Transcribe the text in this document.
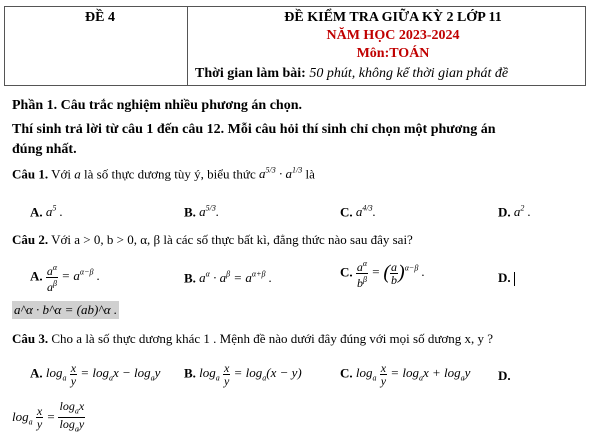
ĐỀ 4	ĐỀ KIỂM TRA GIỮA KỲ 2 LỚP 11
NĂM HỌC 2023-2024
Môn:TOÁN
Thời gian làm bài: 50 phút, không kể thời gian phát đề
Phần 1. Câu trắc nghiệm nhiều phương án chọn.
Thí sinh trả lời từ câu 1 đến câu 12. Mỗi câu hỏi thí sinh chỉ chọn một phương án
đúng nhất.
Câu 1. Với a là số thực dương tùy ý, biểu thức $a^{5/3} \cdot a^{1/3}$ là
A. $a^5$ .	B. $a^{5/3}$.	C. $a^{4/3}$.	D. $a^2$ .
Câu 2. Với a > 0, b > 0, α, β là các số thực bất kì, đẳng thức nào sau đây sai?
A. $\frac{a^\alpha}{a^\beta} = a^{\alpha-\beta}$ .	B. $a^\alpha \cdot a^\beta = a^{\alpha+\beta}$ .	C. $\frac{a^\alpha}{b^\beta}$ = ( $\frac{a}{b} )^{\alpha-\beta}$ .	D.
a^α · b^α = (ab)^α .
Câu 3. Cho a là số thực dương khác 1 . Mệnh đề nào dưới đây đúng với mọi số dương x, y ?
A. $\log_a \frac{x}{y} = \log_ax - \log_ay$ B. $\log_a \frac{x}{y} = \log_a(x - y)$	C. $\log_a \frac{x}{y} = \log_ax + \log_ay$ D.
$\log_a \frac{x}{y} = \frac{\log_ax}{\log_ay}$
